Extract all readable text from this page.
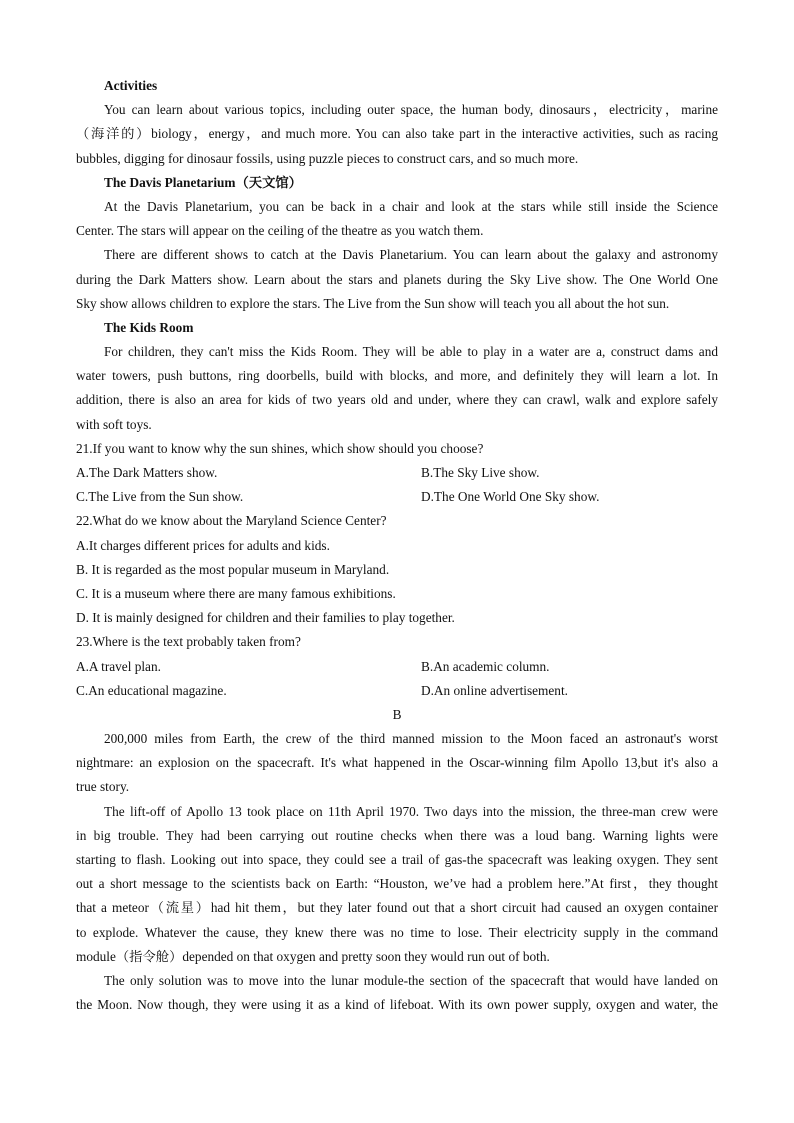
Activities
You can learn about various topics, including outer space, the human body, dinosaurs，electricity，marine
（海洋的）biology，energy，and much more. You can also take part in the interactive activities, such as racing
bubbles, digging for dinosaur fossils, using puzzle pieces to construct cars, and so much more.
The Davis Planetarium（天文馆）
At the Davis Planetarium, you can be back in a chair and look at the stars while still inside the Science
Center. The stars will appear on the ceiling of the theatre as you watch them.
There are different shows to catch at the Davis Planetarium. You can learn about the galaxy and astronomy
during the Dark Matters show. Learn about the stars and planets during the Sky Live show. The One World One
Sky show allows children to explore the stars. The Live from the Sun show will teach you all about the hot sun.
The Kids Room
For children, they can't miss the Kids Room. They will be able to play in a water are a, construct dams and
water towers, push buttons, ring doorbells, build with blocks, and more, and definitely they will learn a lot. In
addition, there is also an area for kids of two years old and under, where they can crawl, walk and explore safely
with soft toys.
21.If you want to know why the sun shines, which show should you choose?
A.The Dark Matters show.	B.The Sky Live show.
C.The Live from the Sun show.	D.The One World One Sky show.
22.What do we know about the Maryland Science Center?
A.It charges different prices for adults and kids.
B. It is regarded as the most popular museum in Maryland.
C. It is a museum where there are many famous exhibitions.
D. It is mainly designed for children and their families to play together.
23.Where is the text probably taken from?
A.A travel plan.	B.An academic column.
C.An educational magazine.	D.An online advertisement.
B
200,000 miles from Earth, the crew of the third manned mission to the Moon faced an astronaut's worst
nightmare: an explosion on the spacecraft. It's what happened in the Oscar-winning film Apollo 13,but it's also a
true story.
The lift-off of Apollo 13 took place on 11th April 1970. Two days into the mission, the three-man crew were
in big trouble. They had been carrying out routine checks when there was a loud bang. Warning lights were
starting to flash. Looking out into space, they could see a trail of gas-the spacecraft was leaking oxygen. They sent
out a short message to the scientists back on Earth: “Houston, we’ve had a problem here.”At first，they thought
that a meteor（流星）had hit them，but they later found out that a short circuit had caused an oxygen container
to explode. Whatever the cause, they knew there was no time to lose. Their electricity supply in the command
module（指令舱）depended on that oxygen and pretty soon they would run out of both.
The only solution was to move into the lunar module-the section of the spacecraft that would have landed on
the Moon. Now though, they were using it as a kind of lifeboat. With its own power supply, oxygen and water, the
